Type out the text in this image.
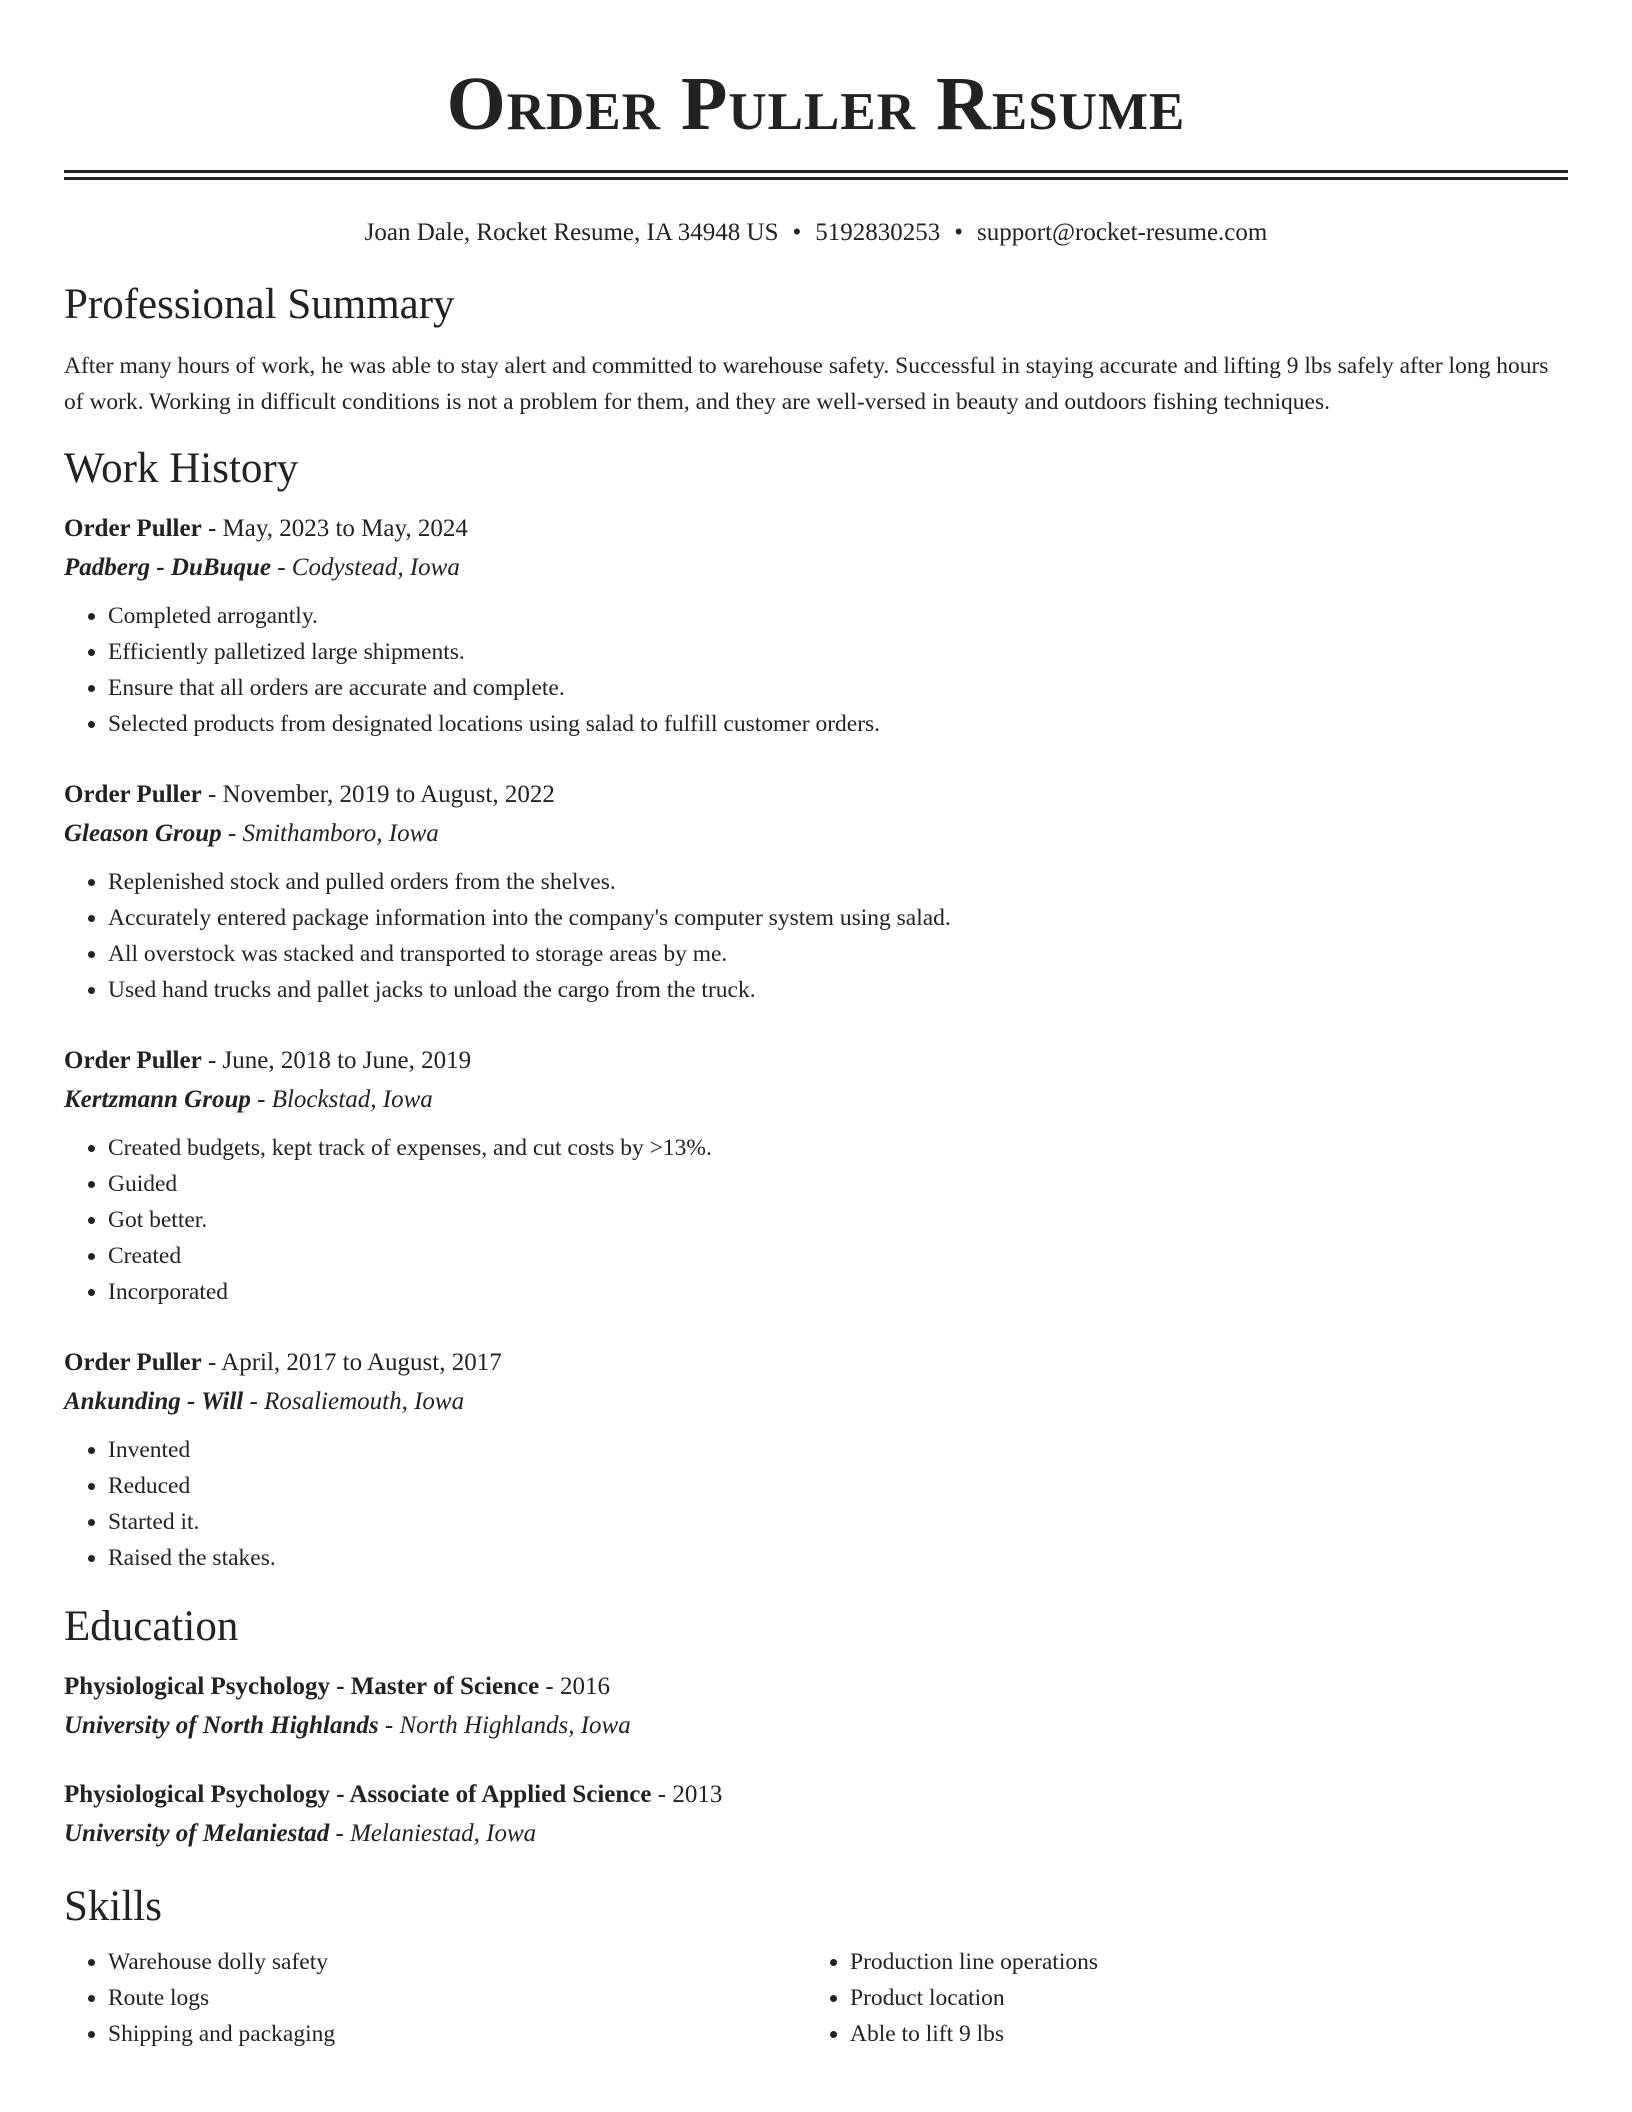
Order Puller Resume
Joan Dale, Rocket Resume, IA 34948 US • 5192830253 • support@rocket-resume.com
Professional Summary
After many hours of work, he was able to stay alert and committed to warehouse safety. Successful in staying accurate and lifting 9 lbs safely after long hours of work. Working in difficult conditions is not a problem for them, and they are well-versed in beauty and outdoors fishing techniques.
Work History
Order Puller - May, 2023 to May, 2024
Padberg - DuBuque - Codystead, Iowa
• Completed arrogantly.
• Efficiently palletized large shipments.
• Ensure that all orders are accurate and complete.
• Selected products from designated locations using salad to fulfill customer orders.
Order Puller - November, 2019 to August, 2022
Gleason Group - Smithamboro, Iowa
• Replenished stock and pulled orders from the shelves.
• Accurately entered package information into the company's computer system using salad.
• All overstock was stacked and transported to storage areas by me.
• Used hand trucks and pallet jacks to unload the cargo from the truck.
Order Puller - June, 2018 to June, 2019
Kertzmann Group - Blockstad, Iowa
• Created budgets, kept track of expenses, and cut costs by >13%.
• Guided
• Got better.
• Created
• Incorporated
Order Puller - April, 2017 to August, 2017
Ankunding - Will - Rosaliemouth, Iowa
• Invented
• Reduced
• Started it.
• Raised the stakes.
Education
Physiological Psychology - Master of Science - 2016
University of North Highlands - North Highlands, Iowa
Physiological Psychology - Associate of Applied Science - 2013
University of Melaniestad - Melaniestad, Iowa
Skills
• Warehouse dolly safety
• Route logs
• Shipping and packaging
• Production line operations
• Product location
• Able to lift 9 lbs
